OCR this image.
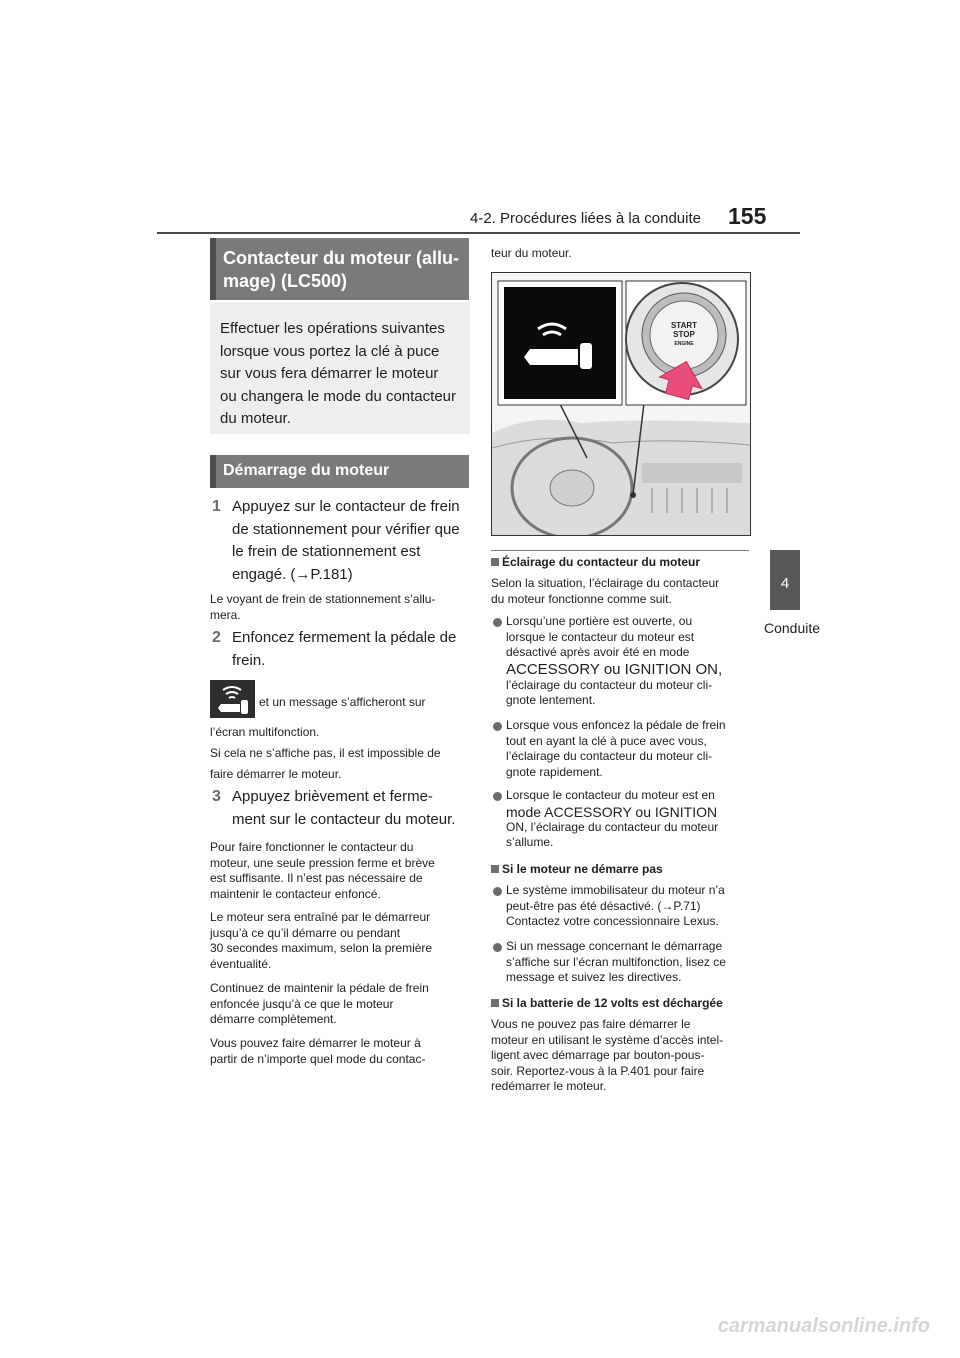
4-2. Procédures liées à la conduite 155
4
Conduite
Contacteur du moteur (allu-
mage) (LC500)
Effectuer les opérations suivantes
lorsque vous portez la clé à puce
sur vous fera démarrer le moteur
ou changera le mode du contacteur
du moteur.
Démarrage du moteur
1 Appuyez sur le contacteur de frein
de stationnement pour vérifier que
le frein de stationnement est
engagé. (→P.181)
Le voyant de frein de stationnement s’allu-
mera.
2 Enfoncez fermement la pédale de
frein.
et un message s’afficheront sur
l’écran multifonction.
Si cela ne s’affiche pas, il est impossible de
faire démarrer le moteur.
3 Appuyez brièvement et ferme-
ment sur le contacteur du moteur.
Pour faire fonctionner le contacteur du
moteur, une seule pression ferme et brève
est suffisante. Il n’est pas nécessaire de
maintenir le contacteur enfoncé.
Le moteur sera entraîné par le démarreur
jusqu’à ce qu’il démarre ou pendant
30 secondes maximum, selon la première
éventualité.
Continuez de maintenir la pédale de frein
enfoncée jusqu’à ce que le moteur
démarre complètement.
Vous pouvez faire démarrer le moteur à
partir de n’importe quel mode du contac-
teur du moteur.
START
STOP
ENGINE
Éclairage du contacteur du moteur
Selon la situation, l’éclairage du contacteur
du moteur fonctionne comme suit.
Lorsqu’une portière est ouverte, ou
lorsque le contacteur du moteur est
désactivé après avoir été en mode
ACCESSORY ou IGNITION ON,
l’éclairage du contacteur du moteur cli-
gnote lentement.
Lorsque vous enfoncez la pédale de frein
tout en ayant la clé à puce avec vous,
l’éclairage du contacteur du moteur cli-
gnote rapidement.
Lorsque le contacteur du moteur est en
mode ACCESSORY ou IGNITION
ON, l’éclairage du contacteur du moteur
s’allume.
Si le moteur ne démarre pas
Le système immobilisateur du moteur n’a
peut-être pas été désactivé. (→P.71)
Contactez votre concessionnaire Lexus.
Si un message concernant le démarrage
s’affiche sur l’écran multifonction, lisez ce
message et suivez les directives.
Si la batterie de 12 volts est déchargée
Vous ne pouvez pas faire démarrer le
moteur en utilisant le système d’accès intel-
ligent avec démarrage par bouton-pous-
soir. Reportez-vous à la P.401 pour faire
redémarrer le moteur.
carmanualsonline.info
